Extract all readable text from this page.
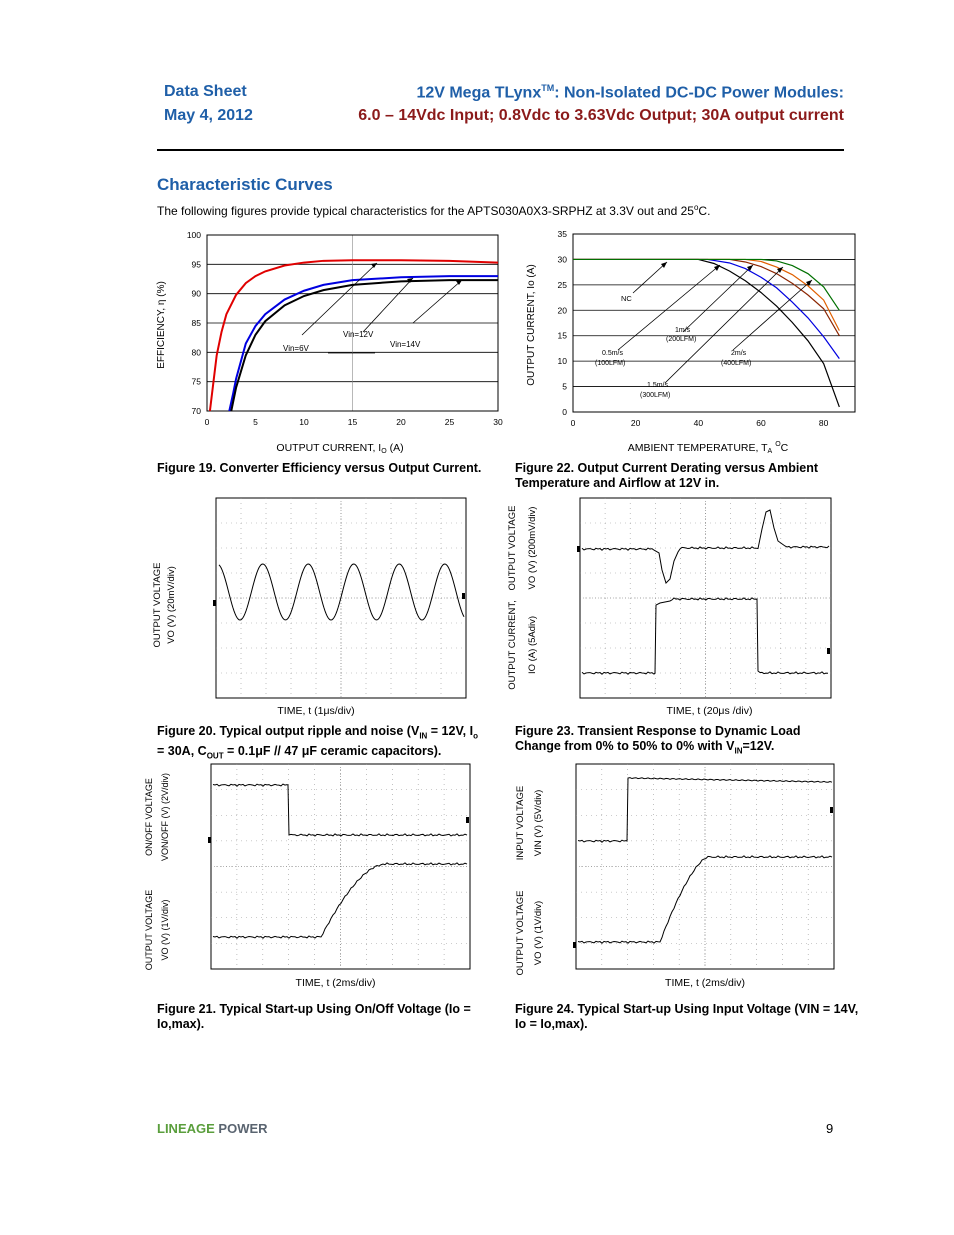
Data Sheet
May 4, 2012
12V Mega TLynx™: Non-Isolated DC-DC Power Modules:
6.0 – 14Vdc Input; 0.8Vdc to 3.63Vdc Output; 30A output current
Characteristic Curves
The following figures provide typical characteristics for the APTS030A0X3-SRPHZ at 3.3V out and 25$^o$C.
70
75
80
85
90
95
100
0	5	10	15	20	25	30
Vin=6V
Vin=12V
Vin=14V
EFFICIENCY, η (%)
OUTPUT CURRENT, IO (A)
Figure 19. Converter Efficiency versus Output Current.
0
5
10
15
20
25
30
35
0	20	40	60	80
NC
0.5m/s
(100LFM)
1m/s
(200LFM)
1.5m/s
(300LFM)
2m/s
(400LFM)
OUTPUT CURRENT, Io (A)
AMBIENT TEMPERATURE, $TA^OC$
Figure 22. Output Current Derating versus Ambient Temperature and Airflow at 12V in.
OUTPUT VOLTAGE VO (V) (20mV/div)
TIME, t (1μs/div)
Figure 20. Typical output ripple and noise ($V_{IN} = 12V$, $I_o$
= 30A, $C_{OUT} = 0.1\mu F // 47$ μF ceramic capacitors).
OUTPUT VOLTAGE VO (V) (200mV/div)
OUTPUT CURRENT, IO (A) (5Adiv)
TIME, t (20μs /div)
Figure 23. Transient Response to Dynamic Load
Change from 0% to 50% to 0% with $V_{IN}=12V$.
ON/OFF VOLTAGE VON/OFF (V) (2V/div)
OUTPUT VOLTAGE VO (V) (1V/div)
TIME, t (2ms/div)
Figure 21. Typical Start-up Using On/Off Voltage (Io = Io,max).
INPUT VOLTAGE VIN (V) (5V/div)
OUTPUT VOLTAGE VO (V) (1V/div)
TIME, t (2ms/div)
Figure 24. Typical Start-up Using Input Voltage (VIN = 14V, Io = Io,max).
LINEAGE POWER	9
